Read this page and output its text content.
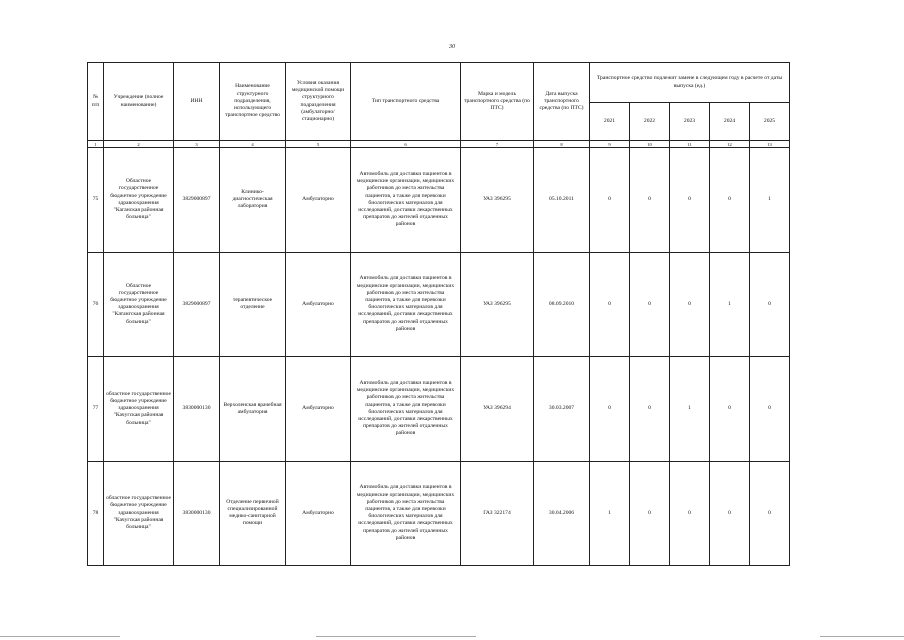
30
№ п/п	Учреждение (полное наименование)	ИНН	Наименование структурного подразделения, использующего транспортное средство	Условия оказания медицинской помощи структурного подразделения (амбулаторно/ стационарно)	Тип транспортного средства	Марка и модель транспортного средства (по ПТС)	Дата выпуска транспортного средства (по ПТС)	Транспортное средство подлежит замене в следующем году в расчете от даты выпуска (ед.)				
								2021	2022	2023	2024	2025
1	2	3	4	5	6	7	8	9	10	11	12	13
75	Областное государственное бюджетное учреждение здравоохранения "Каганская районная больница"	3829000897	Клинико-диагностическая лаборатория	Амбулаторно	Автомобиль для доставки пациентов в медицинские организации, медицинских работников до места жительства пациентов, а также для перевозки биологических материалов для исследований, доставки лекарственных препаратов до жителей отдаленных районов	УАЗ 396295	05.10.2011	0	0	0	0	1
76	Областное государственное бюджетное учреждение здравоохранения "Катангская районная больница"	3829000897	терапевтическое отделение	Амбулаторно	Автомобиль для доставки пациентов в медицинские организации, медицинских работников до места жительства пациентов, а также для перевозки биологических материалов для исследований, доставки лекарственных препаратов до жителей отдаленных районов	УАЗ 396295	08.09.2010	0	0	0	1	0
77	областное государственное бюджетное учреждение здравоохранения "Качугская районная больница"	3830000130	Верхоленская врачебная амбулатория	Амбулаторно	Автомобиль для доставки пациентов в медицинские организации, медицинских работников до места жительства пациентов, а также для перевозки биологических материалов для исследований, доставки лекарственных препаратов до жителей отдаленных районов	УАЗ 396294	30.03.2007	0	0	1	0	0
78	областное государственное бюджетное учреждение здравоохранения "Качугская районная больница"	3830000130	Отделение первичной специализированной медико-санитарной помощи	Амбулаторно	Автомобиль для доставки пациентов в медицинские организации, медицинских работников до места жительства пациентов, а также для перевозки биологических материалов для исследований, доставки лекарственных препаратов до жителей отдаленных районов	ГАЗ 322174	30.04.2006	1	0	0	0	0
